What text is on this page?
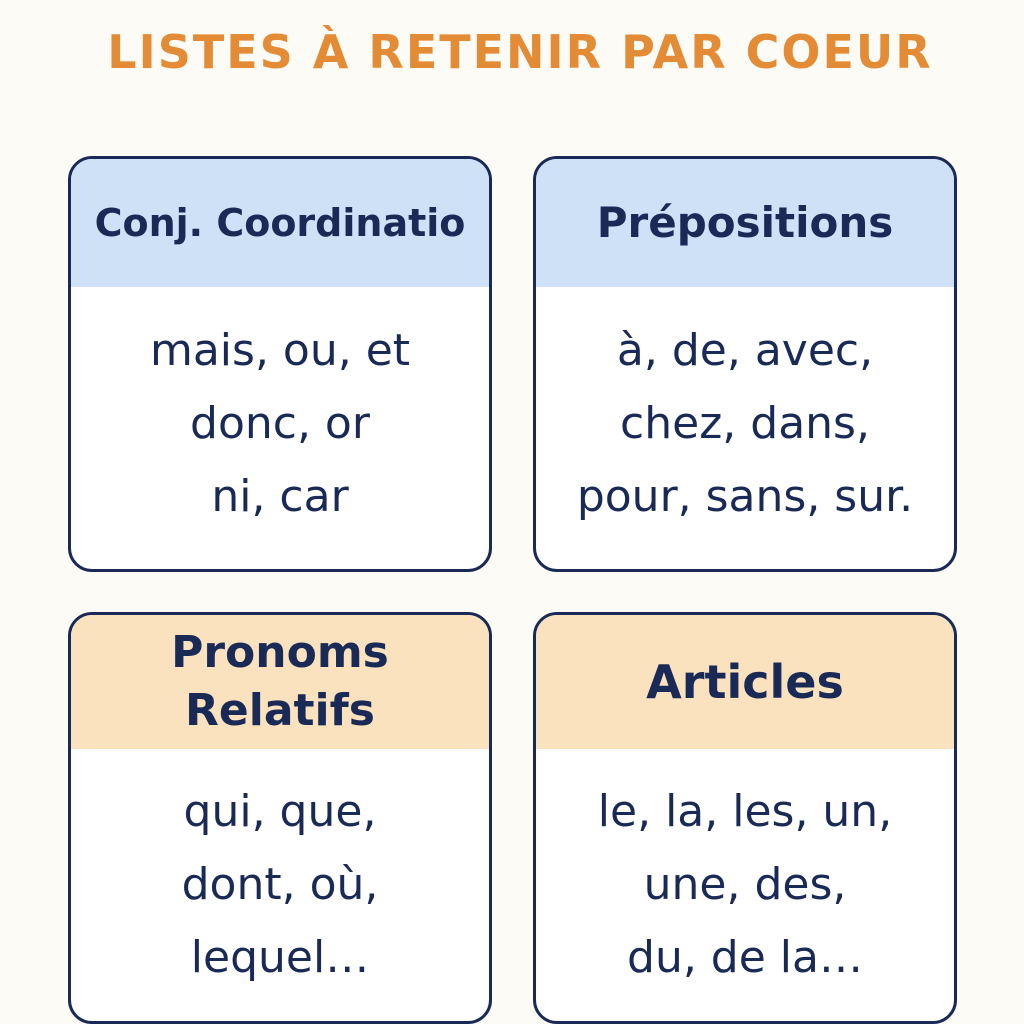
LISTES À RETENIR PAR COEUR
Conj. Coordinatio
mais, ou, et
donc, or
ni, car
Prépositions
à, de, avec,
chez, dans,
pour, sans, sur.
Pronoms
Relatifs
qui, que,
dont, où,
lequel…
Articles
le, la, les, un,
une, des,
du, de la…
